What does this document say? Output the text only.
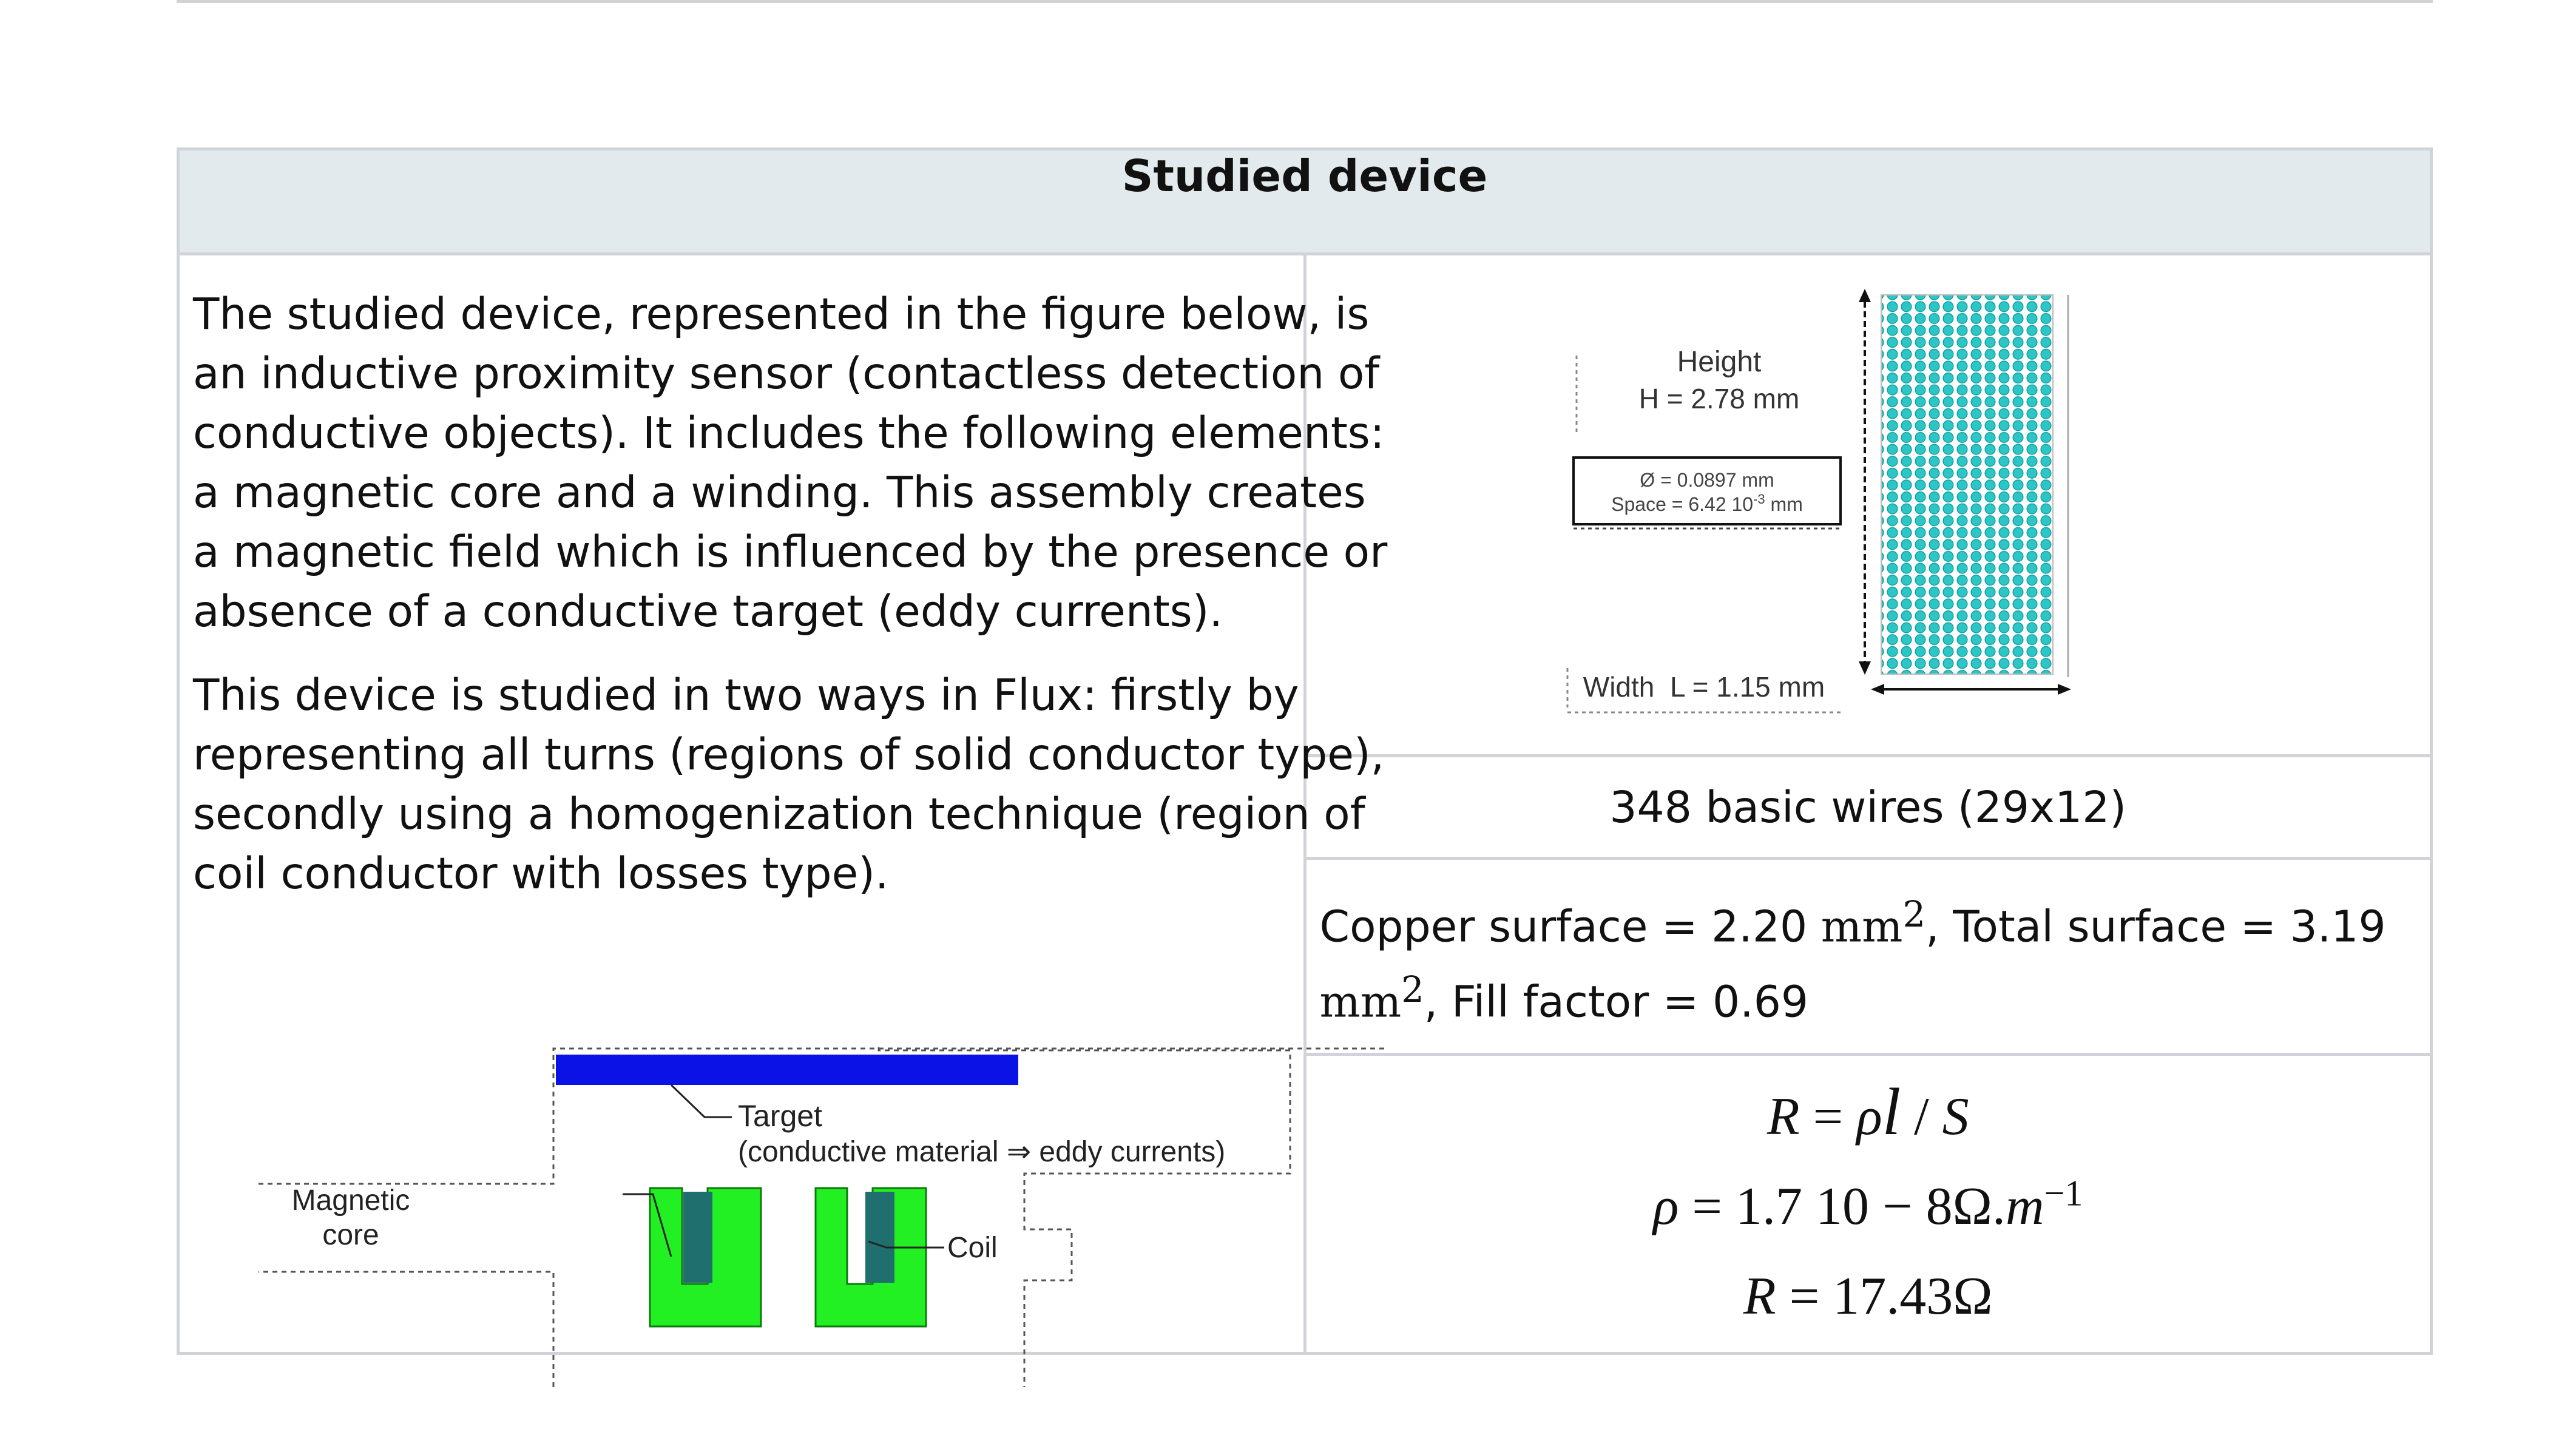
Studied device

The studied device, represented in the figure below, is an inductive proximity sensor (contactless detection of conductive objects). It includes the following elements: a magnetic core and a winding. This assembly creates a magnetic field which is influenced by the presence or absence of a conductive target (eddy currents).

This device is studied in two ways in Flux: firstly by representing all turns (regions of solid conductor type), secondly using a homogenization technique (region of coil conductor with losses type).

Target
(conductive material ⇒ eddy currents)
Magnetic
core	Coil

Height
H = 2.78 mm
Ø = 0.0897 mm
Space = 6.42 $10^{-3}$ mm
Width  L = 1.15 mm

348 basic wires (29x12)
Copper surface = 2.20 $mm^2$, Total surface = 3.19 $mm^2$, Fill factor = 0.69

R = ρl / S
ρ = 1.7 $10 - 8\Omega.m^{-1}$
R = 17.43Ω
